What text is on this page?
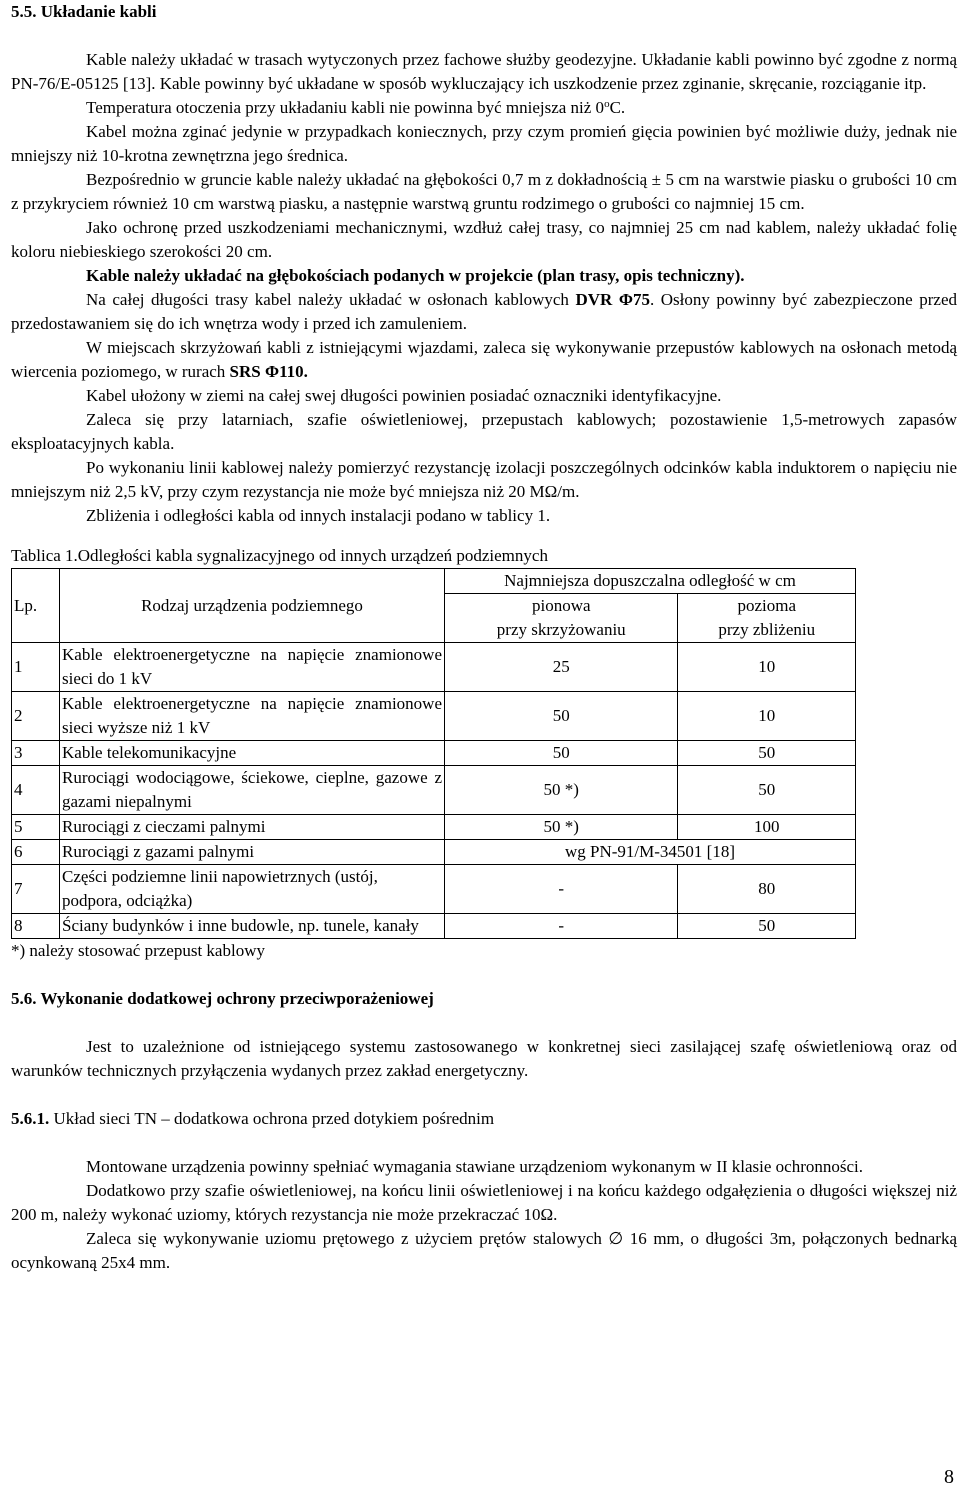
5.5. Układanie kabli

Kable należy układać w trasach wytyczonych przez fachowe służby geodezyjne. Układanie kabli powinno być zgodne z normą PN-76/E-05125 [13]. Kable powinny być układane w sposób wykluczający ich uszkodzenie przez zginanie, skręcanie, rozciąganie itp.

Temperatura otoczenia przy układaniu kabli nie powinna być mniejsza niż 0$^o$C.

Kabel można zginać jedynie w przypadkach koniecznych, przy czym promień gięcia powinien być możliwie duży, jednak nie mniejszy niż 10-krotna zewnętrzna jego średnica.

Bezpośrednio w gruncie kable należy układać na głębokości 0,7 m z dokładnością ± 5 cm na warstwie piasku o grubości 10 cm z przykryciem również 10 cm warstwą piasku, a następnie warstwą gruntu rodzimego o grubości co najmniej 15 cm.

Jako ochronę przed uszkodzeniami mechanicznymi, wzdłuż całej trasy, co najmniej 25 cm nad kablem, należy układać folię koloru niebieskiego szerokości 20 cm.

Kable należy układać na głębokościach podanych w projekcie (plan trasy, opis techniczny).

Na całej długości trasy kabel należy układać w osłonach kablowych DVR Φ75. Osłony powinny być zabezpieczone przed przedostawaniem się do ich wnętrza wody i przed ich zamuleniem.

W miejscach skrzyżowań kabli z istniejącymi wjazdami, zaleca się wykonywanie przepustów kablowych na osłonach metodą wiercenia poziomego, w rurach SRS Φ110.

Kabel ułożony w ziemi na całej swej długości powinien posiadać oznaczniki identyfikacyjne.

Zaleca się przy latarniach, szafie oświetleniowej, przepustach kablowych; pozostawienie 1,5-metrowych zapasów eksploatacyjnych kabla.

Po wykonaniu linii kablowej należy pomierzyć rezystancję izolacji poszczególnych odcinków kabla induktorem o napięciu nie mniejszym niż 2,5 kV, przy czym rezystancja nie może być mniejsza niż 20 MΩ/m.

Zbliżenia i odległości kabla od innych instalacji podano w tablicy 1.

Tablica 1.Odległości kabla sygnalizacyjnego od innych urządzeń podziemnych
Lp.	Rodzaj urządzenia podziemnego	Najmniejsza dopuszczalna odległość w cm	
		pionowa	pozioma
		przy skrzyżowaniu	przy zbliżeniu
1	Kable elektroenergetyczne na napięcie znamionowe sieci do 1 kV	25	10
2	Kable elektroenergetyczne na napięcie znamionowe sieci wyższe niż 1 kV	50	10
3	Kable telekomunikacyjne	50	50
4	Rurociągi wodociągowe, ściekowe, cieplne, gazowe z gazami niepalnymi	50 *)	50
5	Rurociągi z cieczami palnymi	50 *)	100
6	Rurociągi z gazami palnymi	wg PN-91/M-34501 [18]	
7	Części podziemne linii napowietrznych (ustój, podpora, odciążka)	-	80
8	Ściany budynków i inne budowle, np. tunele, kanały	-	50
*) należy stosować przepust kablowy
5.6. Wykonanie dodatkowej ochrony przeciwporażeniowej

Jest to uzależnione od istniejącego systemu zastosowanego w konkretnej sieci zasilającej szafę oświetleniową oraz od warunków technicznych przyłączenia wydanych przez zakład energetyczny.

5.6.1. Układ sieci TN – dodatkowa ochrona przed dotykiem pośrednim

Montowane urządzenia powinny spełniać wymagania stawiane urządzeniom wykonanym w II klasie ochronności.

Dodatkowo przy szafie oświetleniowej, na końcu linii oświetleniowej i na końcu każdego odgałęzienia o długości większej niż 200 m, należy wykonać uziomy, których rezystancja nie może przekraczać 10Ω.

Zaleca się wykonywanie uziomu prętowego z użyciem prętów stalowych ∅ 16 mm, o długości 3m, połączonych bednarką ocynkowaną 25x4 mm.

8
